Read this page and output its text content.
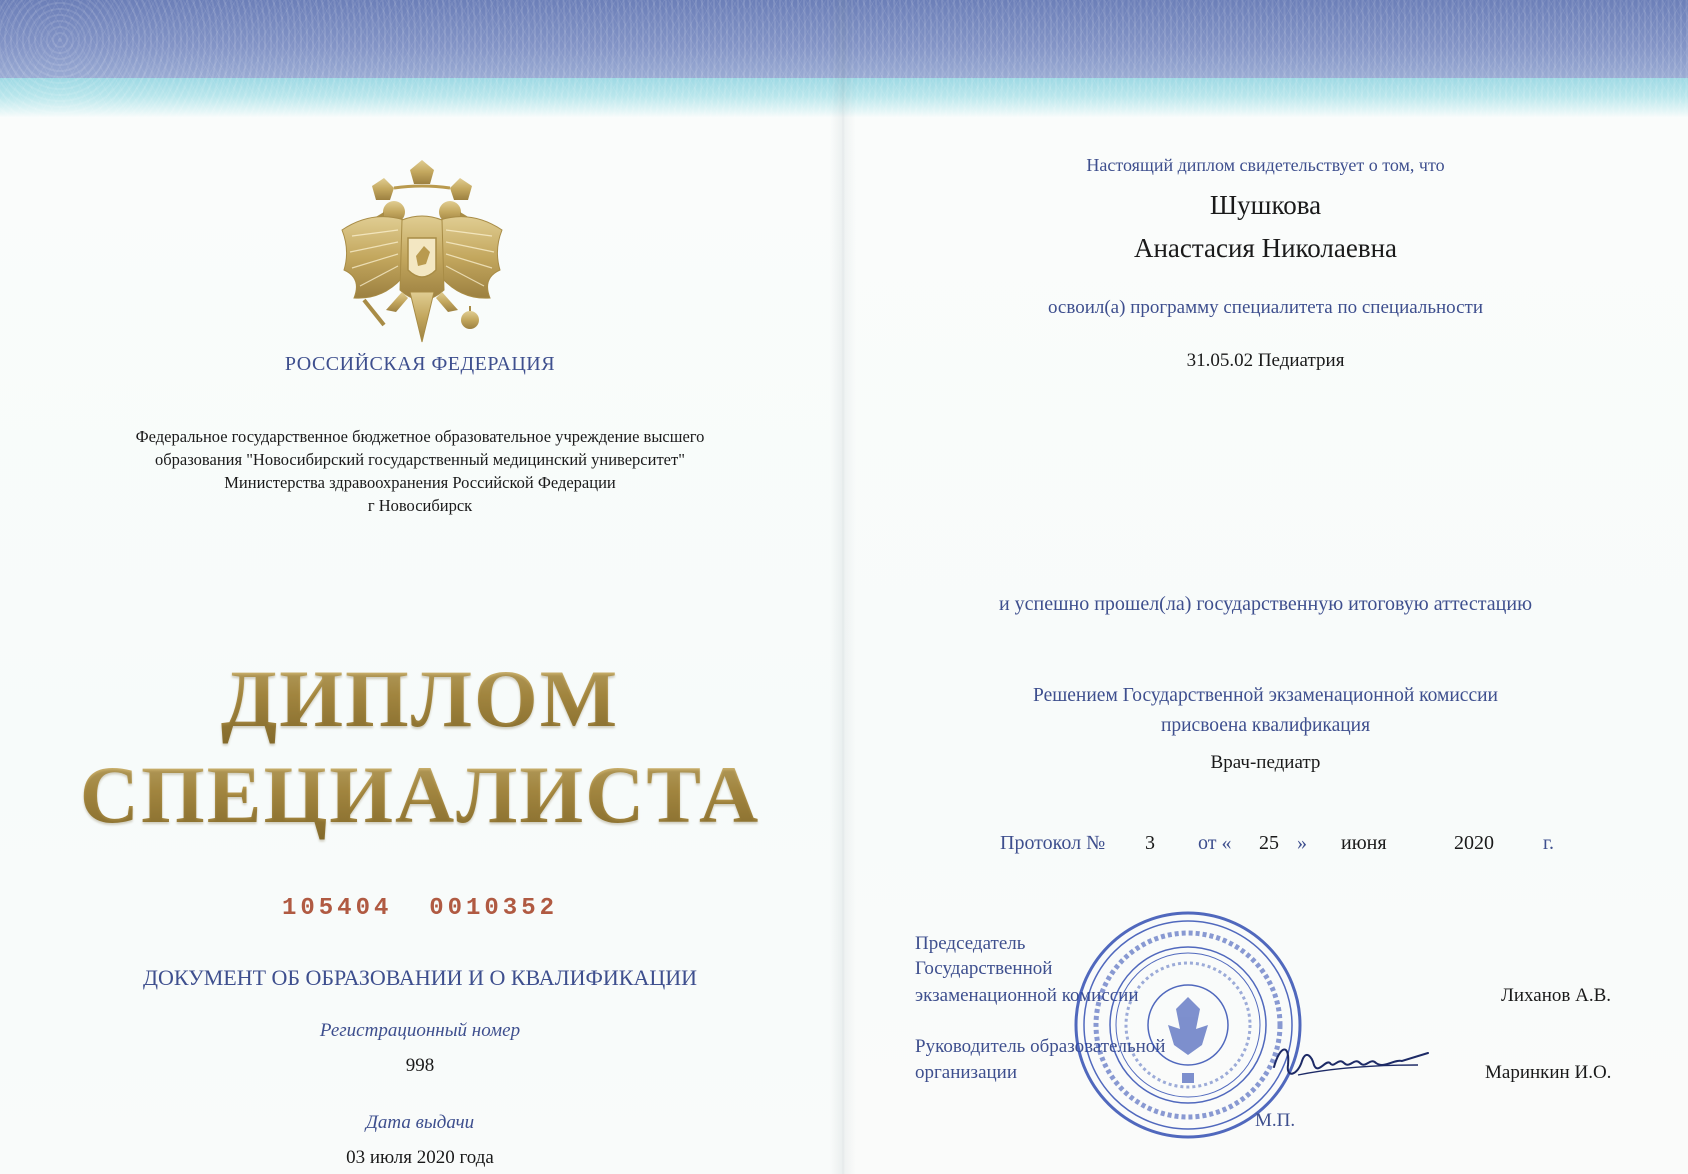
РОССИЙСКАЯ ФЕДЕРАЦИЯ
Федеральное государственное бюджетное образовательное учреждение высшего
образования "Новосибирский государственный медицинский университет"
Министерства здравоохранения Российской Федерации
г Новосибирск
ДИПЛОМ
СПЕЦИАЛИСТА
105404  0010352
ДОКУМЕНТ ОБ ОБРАЗОВАНИИ И О КВАЛИФИКАЦИИ
Регистрационный номер
998
Дата выдачи
03 июля 2020 года
Настоящий диплом свидетельствует о том, что
Шушкова
Анастасия Николаевна
освоил(а) программу специалитета по специальности
31.05.02 Педиатрия
и успешно прошел(ла) государственную итоговую аттестацию
Решением Государственной экзаменационной комиссии
присвоена квалификация
Врач-педиатр
Протокол № 3 от « 25 » июня	2020 г.
Председатель
Государственной
экзаменационной комиссии	Лиханов А.В.
Руководитель образовательной
организации	Маринкин И.О.
М.П.
